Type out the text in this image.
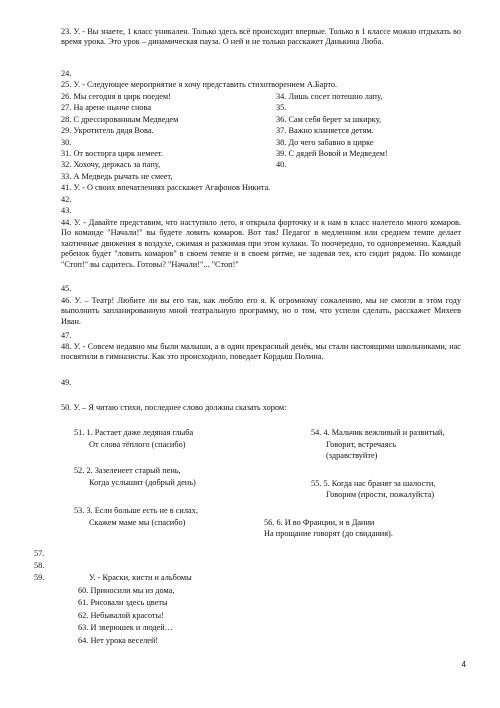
23. У. - Вы знаете, 1 класс уникален. Только здесь всё происходит впервые. Только в 1 классе можно отдыхать во время урока. Это урок – динамическая пауза. О ней и не только расскажет Данькина Люба.
24.
25. У. - Следующее мероприятие я хочу представить стихотворением А.Барто.
26. Мы сегодня в цирк поедем!	34. Лишь сосет потешно лапу,
27. На арене нынче снова	35.
28. С дрессированным Медведем	36. Сам себя берет за шкирку,
29. Укротитель дядя Вова.	37. Важно кланяется детям.
30.	38. До чего забавно в цирке
31. От восторга цирк немеет.	39. С дядей Вовой и Медведем!
32. Хохочу, держась за папу,	40.
33. А Медведь рычать не смеет,
41. У. - О своих впечатлениях расскажет Агафонов Никита.
42.
43.
44. У. - Давайте представим, что наступило лето, я открыла форточку и к нам в класс налетело много комаров. По команде "Начали!" вы будете ловить комаров. Вот так! Педагог в медленном или среднем темпе делает хаотичные движения в воздухе, сжимая и разжимая при этом кулаки. То поочередно, то одновременно. Каждый ребенок будет "ловить комаров" в своем темпе и в своем ритме, не задевая тех, кто сидит рядом. По команде "Стоп!" вы садитесь. Готовы? "Начали!"... "Стоп!"
45.
46. У. – Театр! Любите ли вы его так, как люблю его я. К огромному сожалению, мы не смогли в этом году выполнить запланированную мной театральную программу, но о том, что успели сделать, расскажет Михеев Иван.
47.
48. У. - Совсем недавно мы были малыши, а в один прекрасный денёк, мы стали настоящими школьниками, нас посвятили в гимназисты. Как это происходило, поведает Кордыш Полина.
49.
50. У. – Я читаю стихи, последнее слово должны сказать хором:
51. 1. Растает даже ледяная глыба
От слова тёплого (спасибо)
52. 2. Зазеленеет старый пень,
Когда услышит (добрый день)
53. 3. Если больше есть не в силах,
Скажем маме мы (спасибо)
54. 4. Мальчик вежливый и развитый,
Говорит, встречаясь
(здравствуйте)
55. 5. Когда нас бранят за шалости,
Говорим (прости, пожалуйста)
56. 6. И во Франции, и в Дании
На прощание говорят (до свидания).
57.
58.
59.	У. - Краски, кисти и альбомы
60. Приносили мы из дома,
61. Рисовали здесь цветы
62. Небывалой красоты!
63. И зверюшек и людей…
64. Нет урока веселей!
4
